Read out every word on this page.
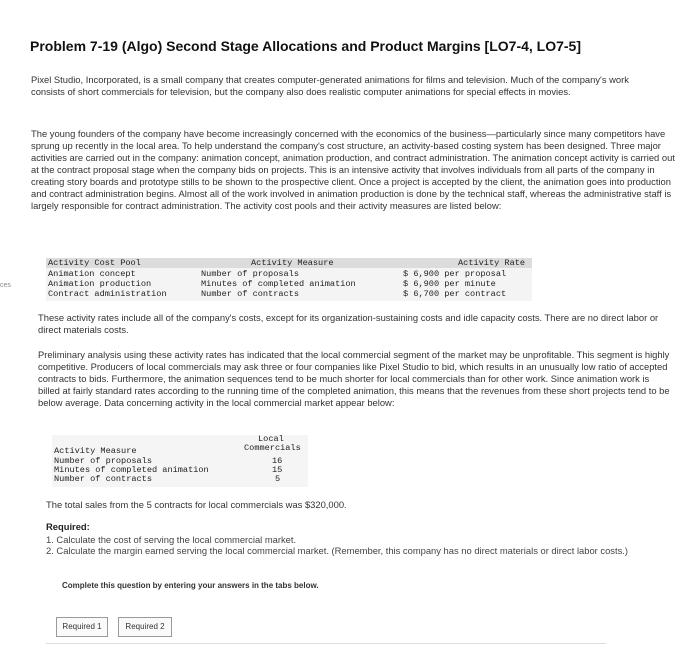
ces
Problem 7-19 (Algo) Second Stage Allocations and Product Margins [LO7-4, LO7-5]

Pixel Studio, Incorporated, is a small company that creates computer-generated animations for films and television. Much of the company's work consists of short commercials for television, but the company also does realistic computer animations for special effects in movies.

The young founders of the company have become increasingly concerned with the economics of the business—particularly since many competitors have sprung up recently in the local area. To help understand the company's cost structure, an activity-based costing system has been designed. Three major activities are carried out in the company: animation concept, animation production, and contract administration. The animation concept activity is carried out at the contract proposal stage when the company bids on projects. This is an intensive activity that involves individuals from all parts of the company in creating story boards and prototype stills to be shown to the prospective client. Once a project is accepted by the client, the animation goes into production and contract administration begins. Almost all of the work involved in animation production is done by the technical staff, whereas the administrative staff is largely responsible for contract administration. The activity cost pools and their activity measures are listed below:

Activity Cost Pool	Activity Measure	Activity Rate
Animation concept	Number of proposals	$ 6,900 per proposal
Animation production	Minutes of completed animation	$ 6,900 per minute
Contract administration	Number of contracts	$ 6,700 per contract

These activity rates include all of the company's costs, except for its organization-sustaining costs and idle capacity costs. There are no direct labor or direct materials costs.

Preliminary analysis using these activity rates has indicated that the local commercial segment of the market may be unprofitable. This segment is highly competitive. Producers of local commercials may ask three or four companies like Pixel Studio to bid, which results in an unusually low ratio of accepted contracts to bids. Furthermore, the animation sequences tend to be much shorter for local commercials than for other work. Since animation work is billed at fairly standard rates according to the running time of the completed animation, this means that the revenues from these short projects tend to be below average. Data concerning activity in the local commercial market appear below:

Local
Commercials
Activity Measure
Number of proposals	16
Minutes of completed animation	15
Number of contracts	5

The total sales from the 5 contracts for local commercials was $320,000.

Required:
1. Calculate the cost of serving the local commercial market.
2. Calculate the margin earned serving the local commercial market. (Remember, this company has no direct materials or direct labor costs.)
Complete this question by entering your answers in the tabs below.
Required 1	Required 2
